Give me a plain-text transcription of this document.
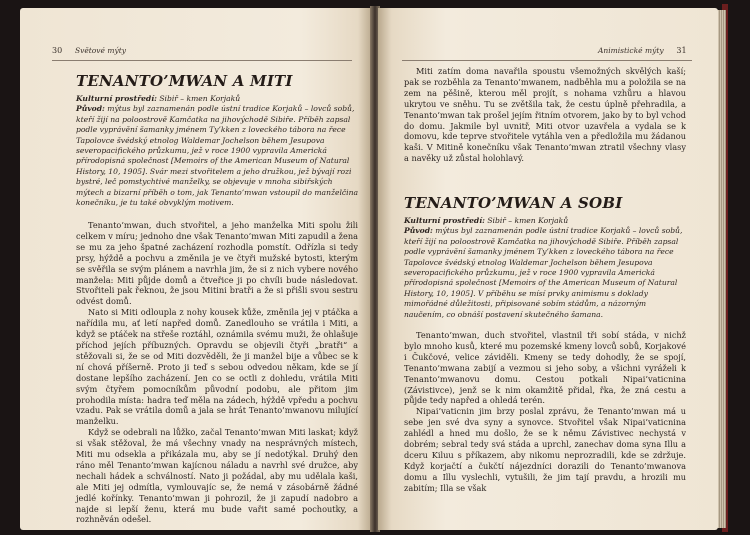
30 Světové mýty
TENANTO’MWAN A MITI
Kulturní prostředí: Sibiř – kmen Korjaků
Původ: mýtus byl zaznamenán podle ústní tradice Korjaků – lovců sobů, kteří žijí na poloostrově Kamčatka na jihovýchodě Sibiře. Příběh zapsal podle vyprávění šamanky jménem Ty’kken z loveckého tábora na řece Tapolovce švédský etnolog Waldemar Jochelson během Jesupova severopacifického průzkumu, jež v roce 1900 vypravila Americká přírodopisná společnost [Memoirs of the American Museum of Natural History, 10, 1905]. Svár mezi stvořitelem a jeho družkou, jež bývají rozi bystré, leč pomstychtivé manželky, se objevuje v mnoha sibiřských mýtech a bizarní příběh o tom, jak Tenanto’mwan vstoupil do manželčina konečníku, je tu také obvyklým motivem.

Tenanto’mwan, duch stvořitel, a jeho manželka Miti spolu žili celkem v míru; jednoho dne však Tenanto’mwan Miti zapudil a žena se mu za jeho špatné zacházení rozhodla pomstít. Odřízla si tedy prsy, hýždě a pochvu a změnila je ve čtyři mužské bytosti, kterým se svěřila se svým plánem a navrhla jim, že si z nich vybere nového manžela: Miti půjde domů a čtveřice ji po chvíli bude následovat. Stvořiteli pak řeknou, že jsou Mitini bratři a že si přišli svou sestru odvést domů.

Nato si Miti odloupla z nohy kousek kůže, změnila jej v ptáčka a nařídila mu, ať letí napřed domů. Zanedlouho se vrátila i Miti, a když se ptáček na střeše roztáhl, oznámila svému muži, že ohlašuje příchod jejích příbuzných. Opravdu se objevili čtyři „bratři“ a stěžovali si, že se od Miti dozvěděli, že ji manžel bije a vůbec se k ní chová příšerně. Proto ji teď s sebou odvedou někam, kde se jí dostane lepšího zacházení. Jen co se octli z dohledu, vrátila Miti svým čtyřem pomocníkům původní podobu, ale přitom jim prohodila místa: hadra teď měla na zádech, hýždě vpředu a pochvu vzadu. Pak se vrátila domů a jala se hrát Tenanto’mwanovu milující manželku.

Když se odebrali na lůžko, začal Tenanto’mwan Miti laskat; když si však stěžoval, že má všechny vnady na nesprávných místech, Miti mu odsekla a přikázala mu, aby se jí nedotýkal. Druhý den ráno měl Tenanto’mwan kajícnou náladu a navrhl své družce, aby nechali hádek a schválností. Nato ji požádal, aby mu udělala kaši, ale Miti jej odmítla, vymlouvajíc se, že nemá v zásobárně žádné jedlé kořínky. Tenanto’mwan ji pohrozil, že ji zapudí nadobro a najde si lepší ženu, která mu bude vařit samé pochoutky, a rozhněván odešel.

Animistické mýty 31

Miti zatím doma navařila spoustu všemožných skvělých kaší; pak se rozběhla za Tenanto’mwanem, nadběhla mu a položila se na zem na pěšině, kterou měl projít, s nohama vzhůru a hlavou ukrytou ve sněhu. Tu se zvětšila tak, že cestu úplně přehradila, a Tenanto’mwan tak prošel jejím řitním otvorem, jako by to byl vchod do domu. Jakmile byl uvnitř, Miti otvor uzavřela a vydala se k domovu, kde teprve stvořitele vytáhla ven a předložila mu žádanou kaši. V Mitině konečníku však Tenanto’mwan ztratil všechny vlasy a navěky už zůstal holohlavý.

TENANTO’MWAN A SOBI
Kulturní prostředí: Sibiř – kmen Korjaků
Původ: mýtus byl zaznamenán podle ústní tradice Korjaků – lovců sobů, kteří žijí na poloostrově Kamčatka na jihovýchodě Sibiře. Příběh zapsal podle vyprávění šamanky jménem Ty’kken z loveckého tábora na řece Tapolovce švédský etnolog Waldemar Jochelson během Jesupova severopacifického průzkumu, jež v roce 1900 vypravila Americká přírodopisná společnost [Memoirs of the American Museum of Natural History, 10, 1905]. V příběhu se mísí prvky animismu s doklady mimořádné důležitosti, připisované sobím stádům, a názorným naučením, co obnáší postavení skutečného šamana.

Tenanto’mwan, duch stvořitel, vlastnil tři sobí stáda, v nichž bylo mnoho kusů, které mu pozemské kmeny lovců sobů, Korjakové i Čukčové, velice záviděli. Kmeny se tedy dohodly, že se spojí, Tenanto’mwana zabijí a vezmou si jeho soby, a všichni vyráželi k Tenanto’mwanovu domu. Cestou potkali Nipai’vaticnina (Závistivce), jenž se k nim okamžitě přidal, řka, že zná cestu a půjde tedy napřed a ohledá terén.

Nipai’vaticnin jim brzy poslal zprávu, že Tenanto’mwan má u sebe jen své dva syny a synovce. Stvořitel však Nipai’vaticnina zahlédl a hned mu došlo, že se k němu Závistivec nechystá v dobrém; sebral tedy svá stáda a uprchl, zanechav doma syna Illu a dceru Kiluu s příkazem, aby nikomu neprozradili, kde se zdržuje. Když korjačtí a čukčtí nájezdníci dorazili do Tenanto’mwanova domu a Illu vyslechli, vytušili, že jim tají pravdu, a hrozili mu zabitím; Illa se však
